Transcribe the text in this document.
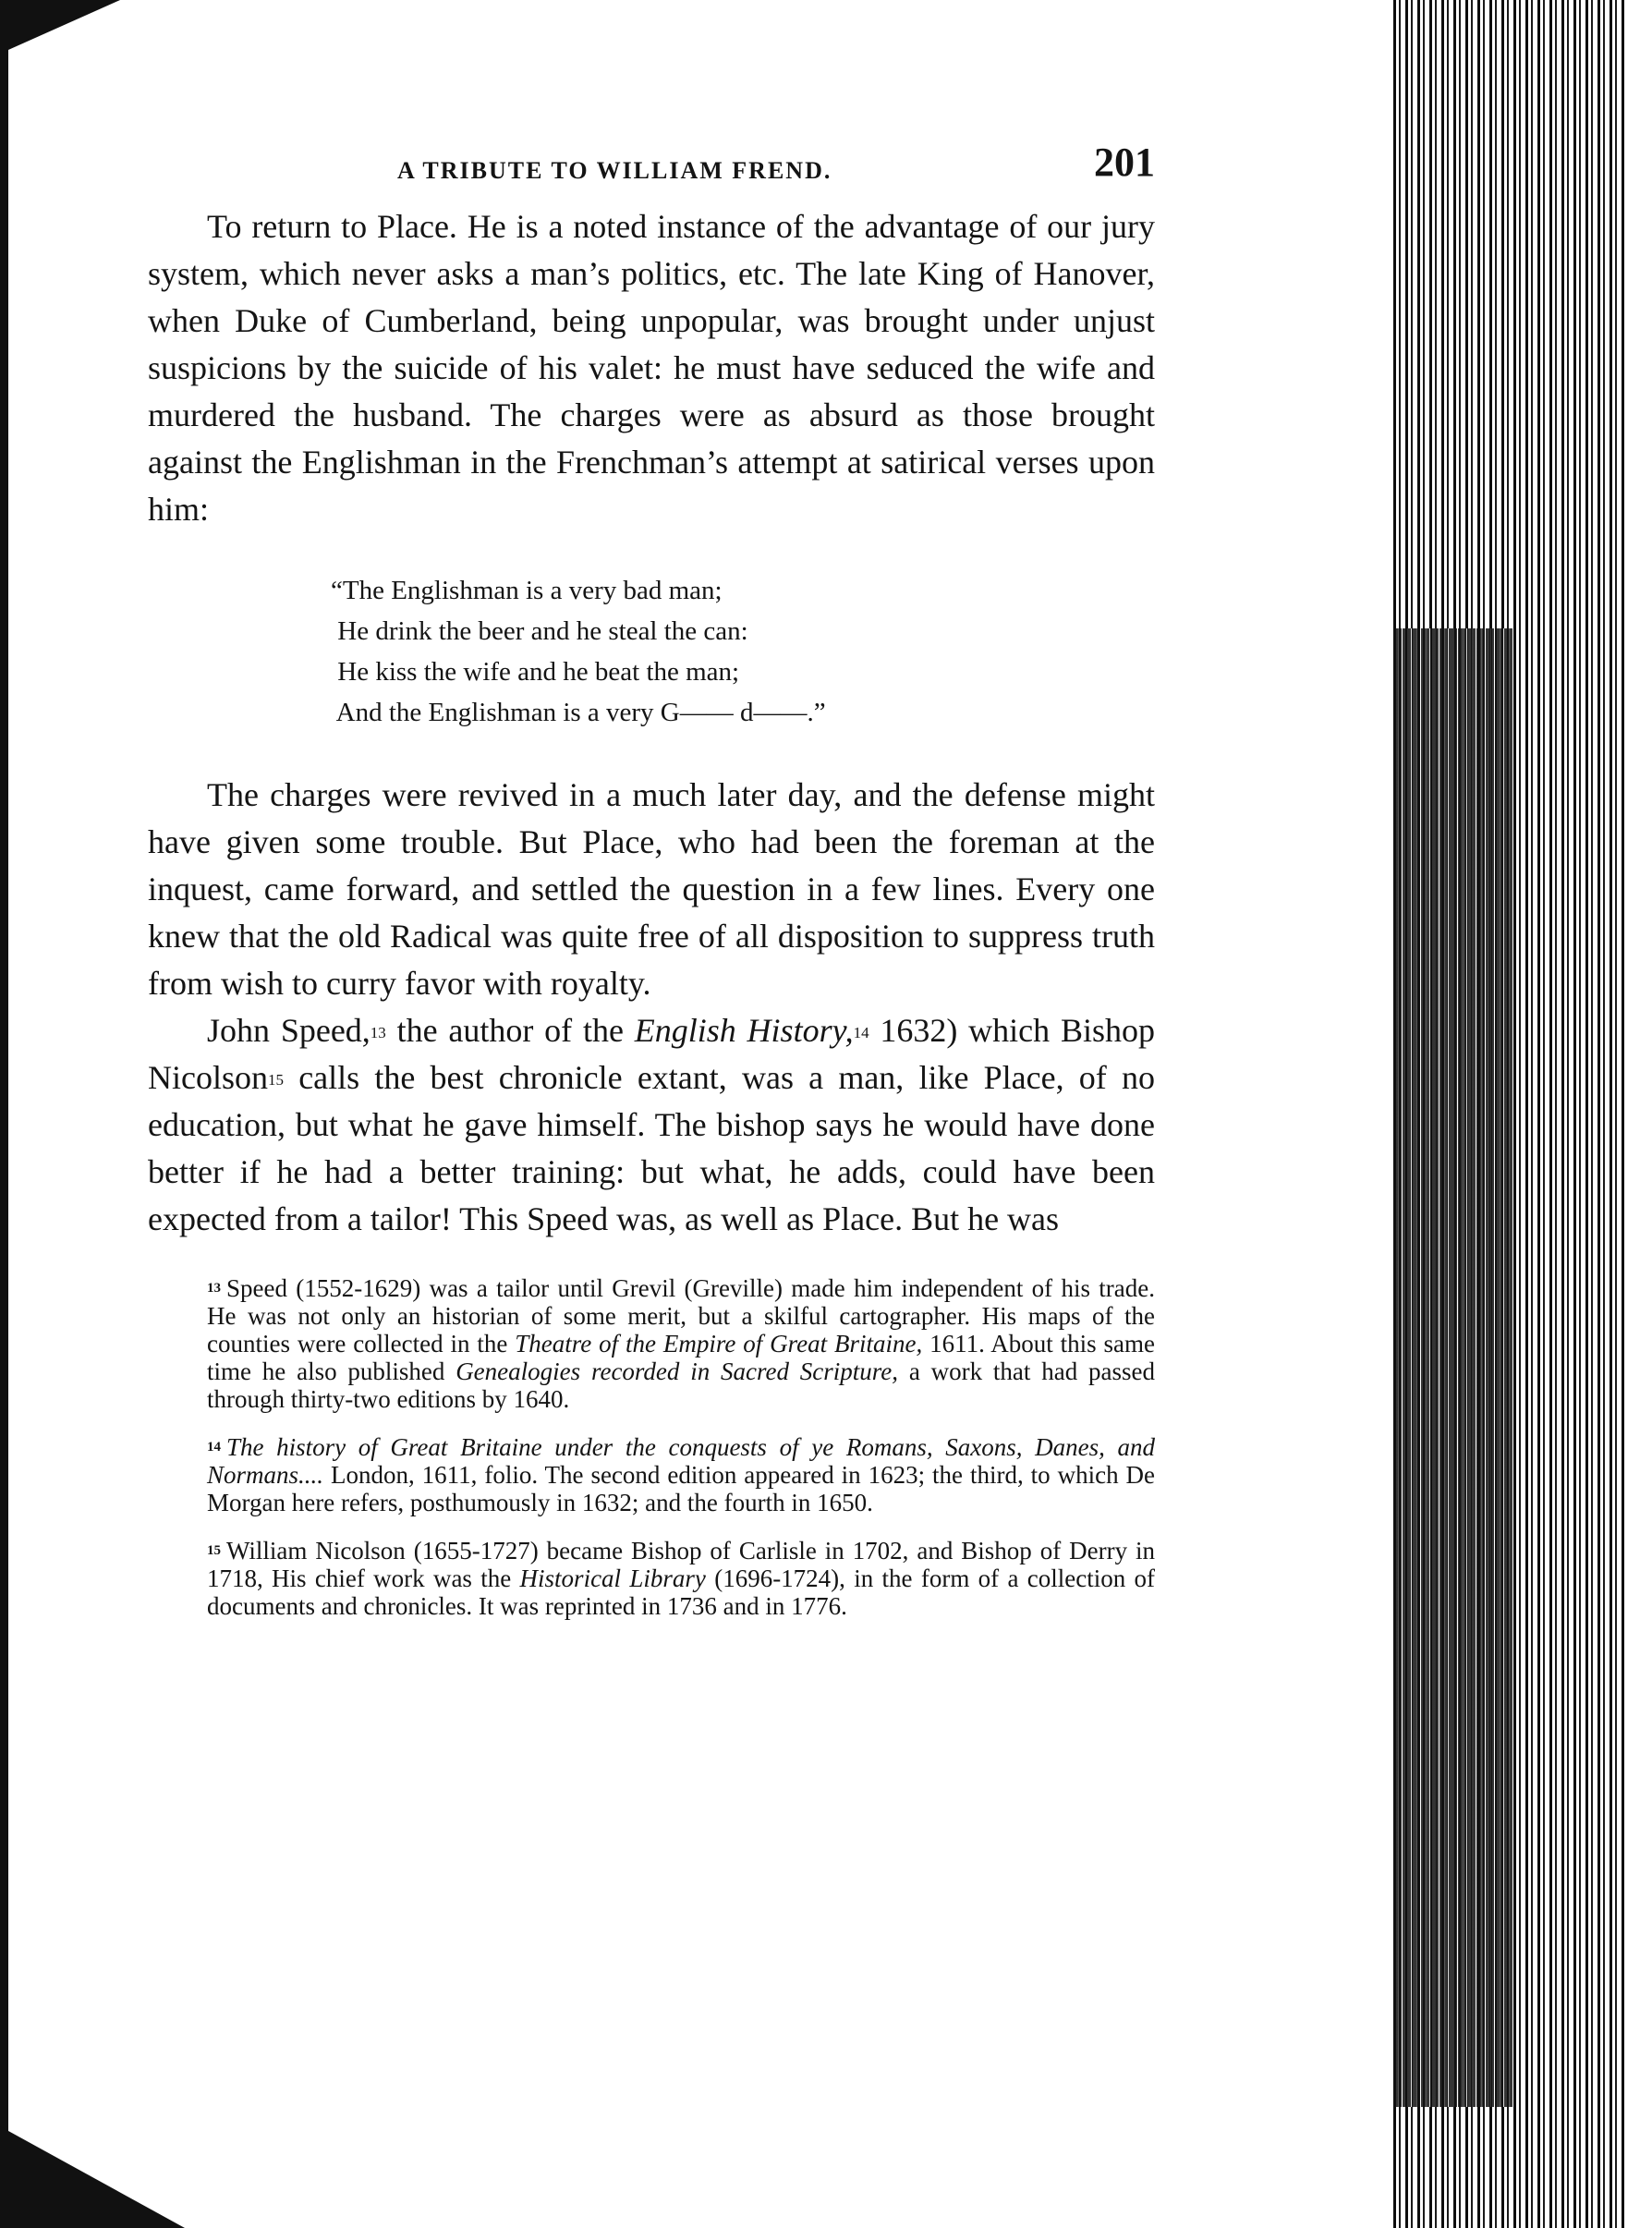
A TRIBUTE TO WILLIAM FREND.	201

To return to Place. He is a noted instance of the advantage of our jury system, which never asks a man’s politics, etc. The late King of Hanover, when Duke of Cumberland, being unpopular, was brought under unjust suspicions by the suicide of his valet: he must have seduced the wife and murdered the husband. The charges were as absurd as those brought against the Englishman in the Frenchman’s attempt at satirical verses upon him:

“The Englishman is a very bad man;
He drink the beer and he steal the can:
He kiss the wife and he beat the man;
And the Englishman is a very G—— d——.”

The charges were revived in a much later day, and the defense might have given some trouble. But Place, who had been the foreman at the inquest, came forward, and settled the question in a few lines. Every one knew that the old Radical was quite free of all disposition to suppress truth from wish to curry favor with royalty.

John Speed,$^{13}$ the author of the English History,$^{14}$ 1632) which Bishop Nicolson$^{15}$ calls the best chronicle extant, was a man, like Place, of no education, but what he gave himself. The bishop says he would have done better if he had a better training: but what, he adds, could have been expected from a tailor! This Speed was, as well as Place. But he was

$^{13}$ Speed (1552-1629) was a tailor until Grevil (Greville) made him independent of his trade. He was not only an historian of some merit, but a skilful cartographer. His maps of the counties were collected in the Theatre of the Empire of Great Britaine, 1611. About this same time he also published Genealogies recorded in Sacred Scripture, a work that had passed through thirty-two editions by 1640.

$^{14}$ The history of Great Britaine under the conquests of ye Romans, Saxons, Danes, and Normans.... London, 1611, folio. The second edition appeared in 1623; the third, to which De Morgan here refers, posthumously in 1632; and the fourth in 1650.

$^{15}$ William Nicolson (1655-1727) became Bishop of Carlisle in 1702, and Bishop of Derry in 1718, His chief work was the Historical Library (1696-1724), in the form of a collection of documents and chronicles. It was reprinted in 1736 and in 1776.
